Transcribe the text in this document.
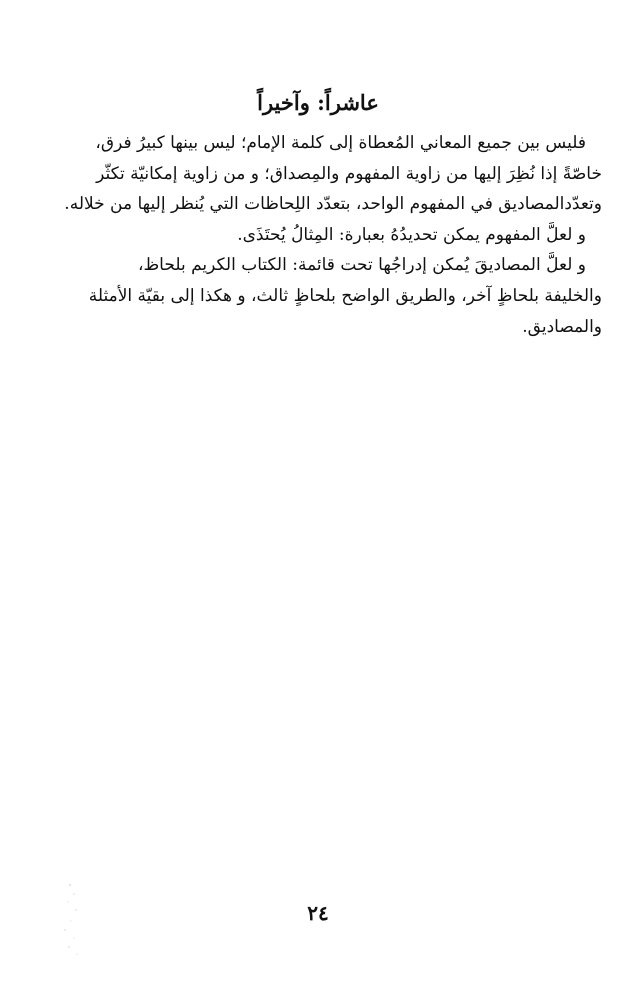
عاشراً: وآخيراً
فليس بين جميع المعاني المُعطاة إلى كلمة الإمام؛ ليس بينها كبيرُ فرق،
خاصّةً إذا نُظِرَ إليها من زاوية المفهوم والمِصداق؛ و من زاوية إمكانيّة تكثّر
وتعدّدالمصاديق في المفهوم الواحد، بتعدّد اللِحاظات التي يُنظر إليها من خلاله.
و لعلَّ المفهوم يمكن تحديدُهُ بعبارة: المِثالُ يُحتَذَى.
و لعلَّ المصاديقَ يُمكن إدراجُها تحت قائمة: الكتاب الكريم بلحاظ،
والخليفة بلحاظٍ آخر، والطريق الواضح بلحاظٍ ثالث، و هكذا إلى بقيّة الأمثلة
والمصاديق.
٢٤
